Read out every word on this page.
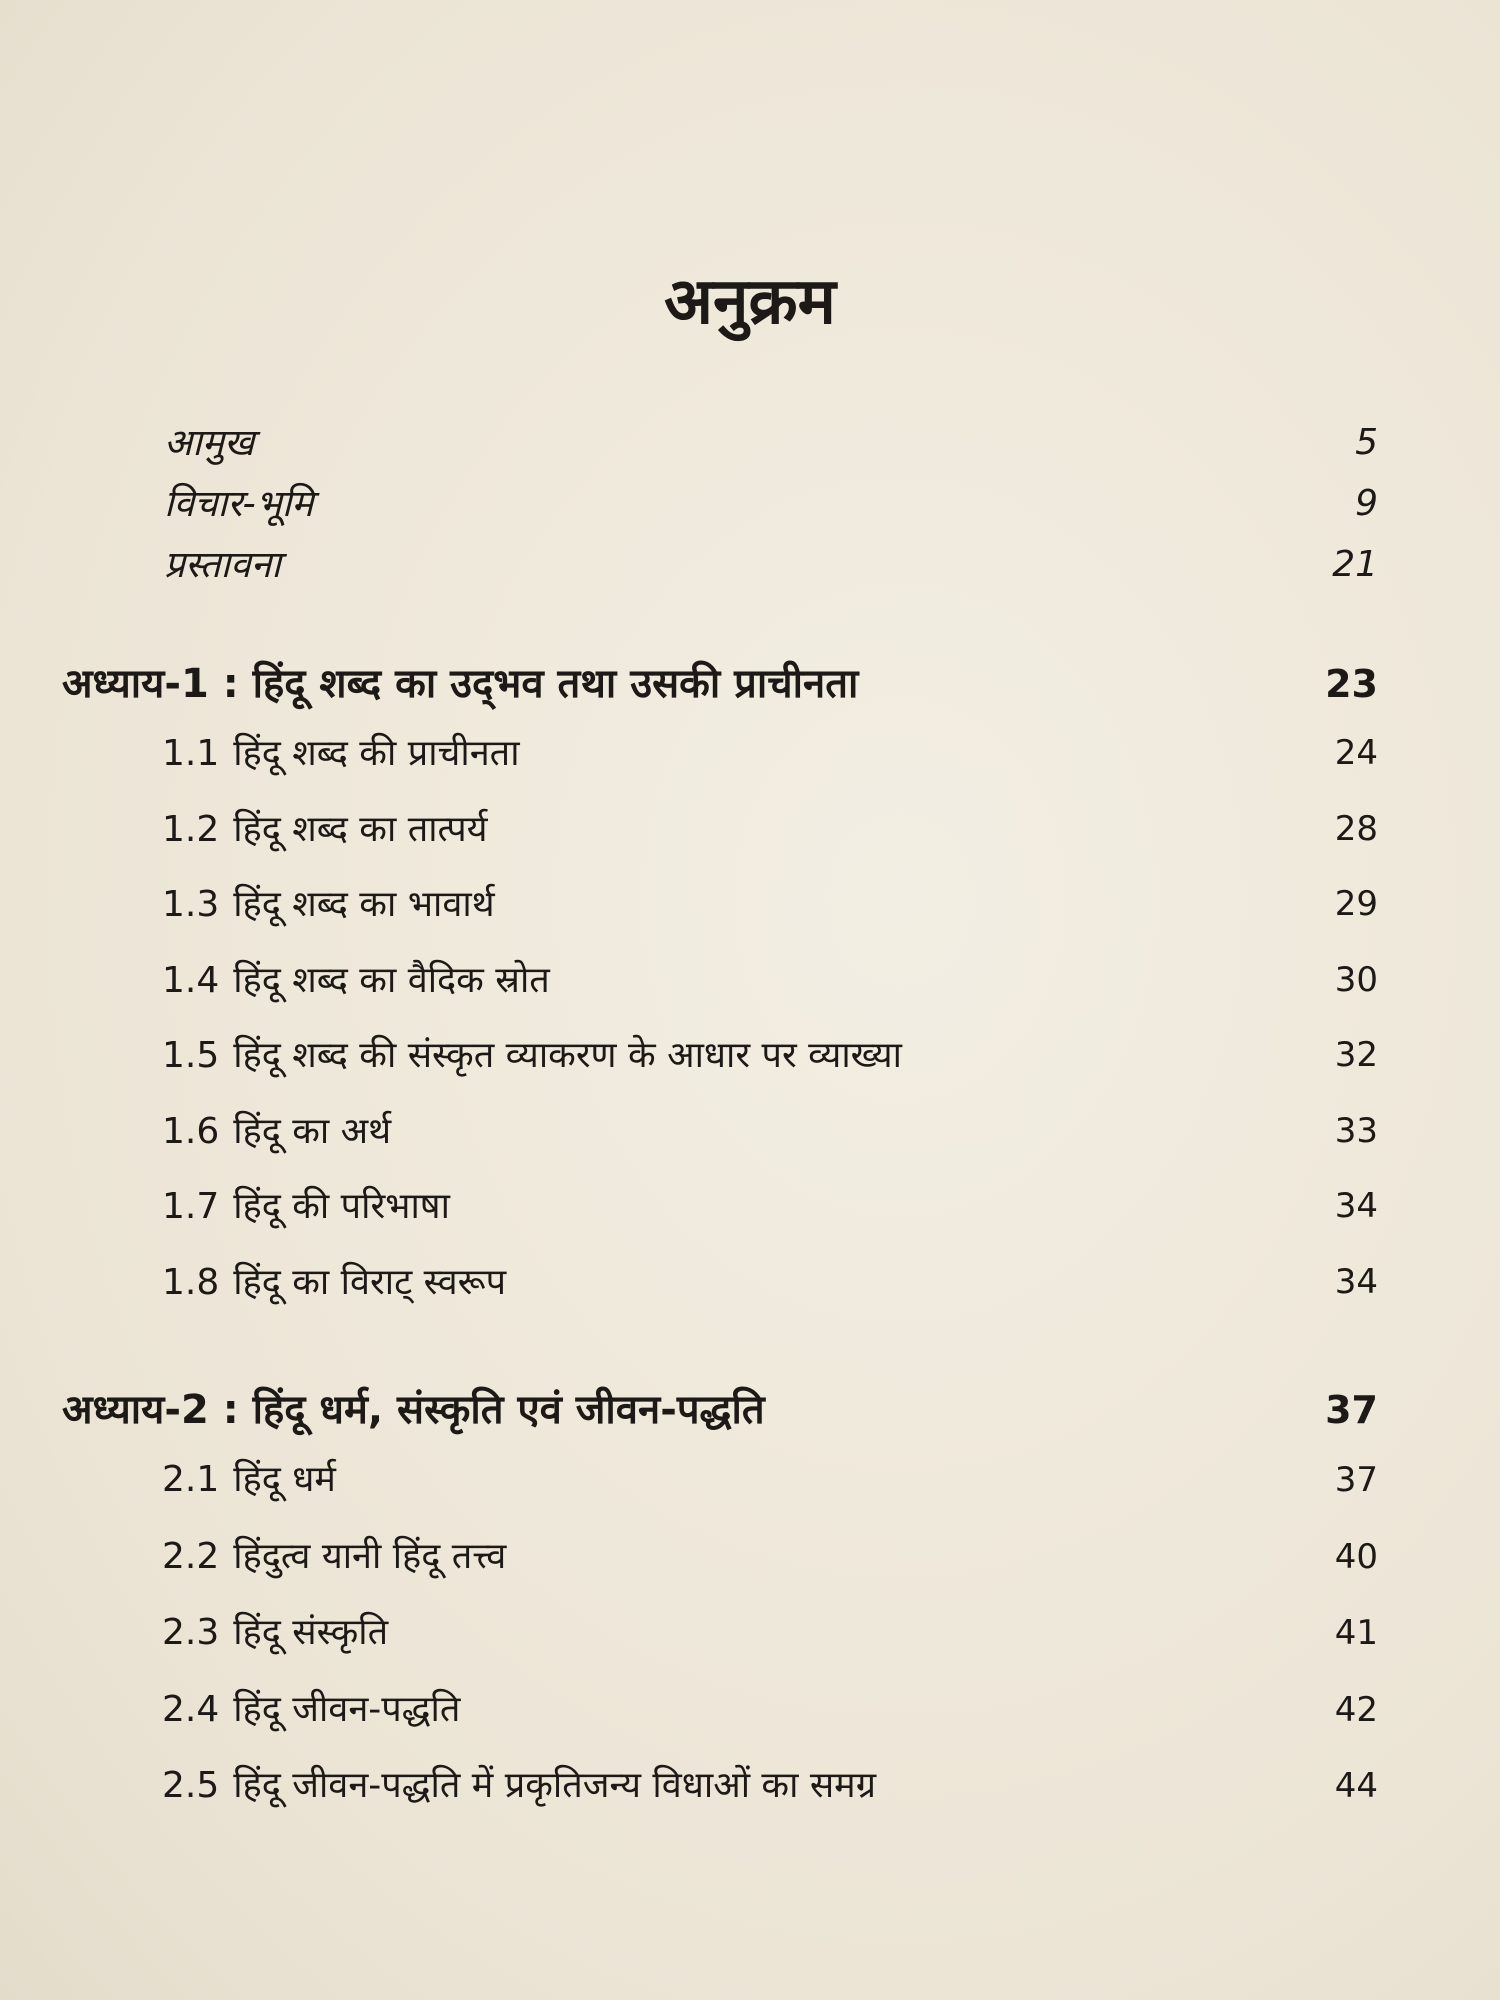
अनुक्रम
आमुख	5
विचार-भूमि	9
प्रस्तावना	21
अध्याय-1 : हिंदू शब्द का उद्‍भव तथा उसकी प्राचीनता	23
1.1 हिंदू शब्द की प्राचीनता	24
1.2 हिंदू शब्द का तात्पर्य	28
1.3 हिंदू शब्द का भावार्थ	29
1.4 हिंदू शब्द का वैदिक स्रोत	30
1.5 हिंदू शब्द की संस्कृत व्याकरण के आधार पर व्याख्या	32
1.6 हिंदू का अर्थ	33
1.7 हिंदू की परिभाषा	34
1.8 हिंदू का विराट् स्वरूप	34
अध्याय-2 : हिंदू धर्म, संस्कृति एवं जीवन-पद्धति	37
2.1 हिंदू धर्म	37
2.2 हिंदुत्व यानी हिंदू तत्त्व	40
2.3 हिंदू संस्कृति	41
2.4 हिंदू जीवन-पद्धति	42
2.5 हिंदू जीवन-पद्धति में प्रकृतिजन्य विधाओं का समग्र	44
